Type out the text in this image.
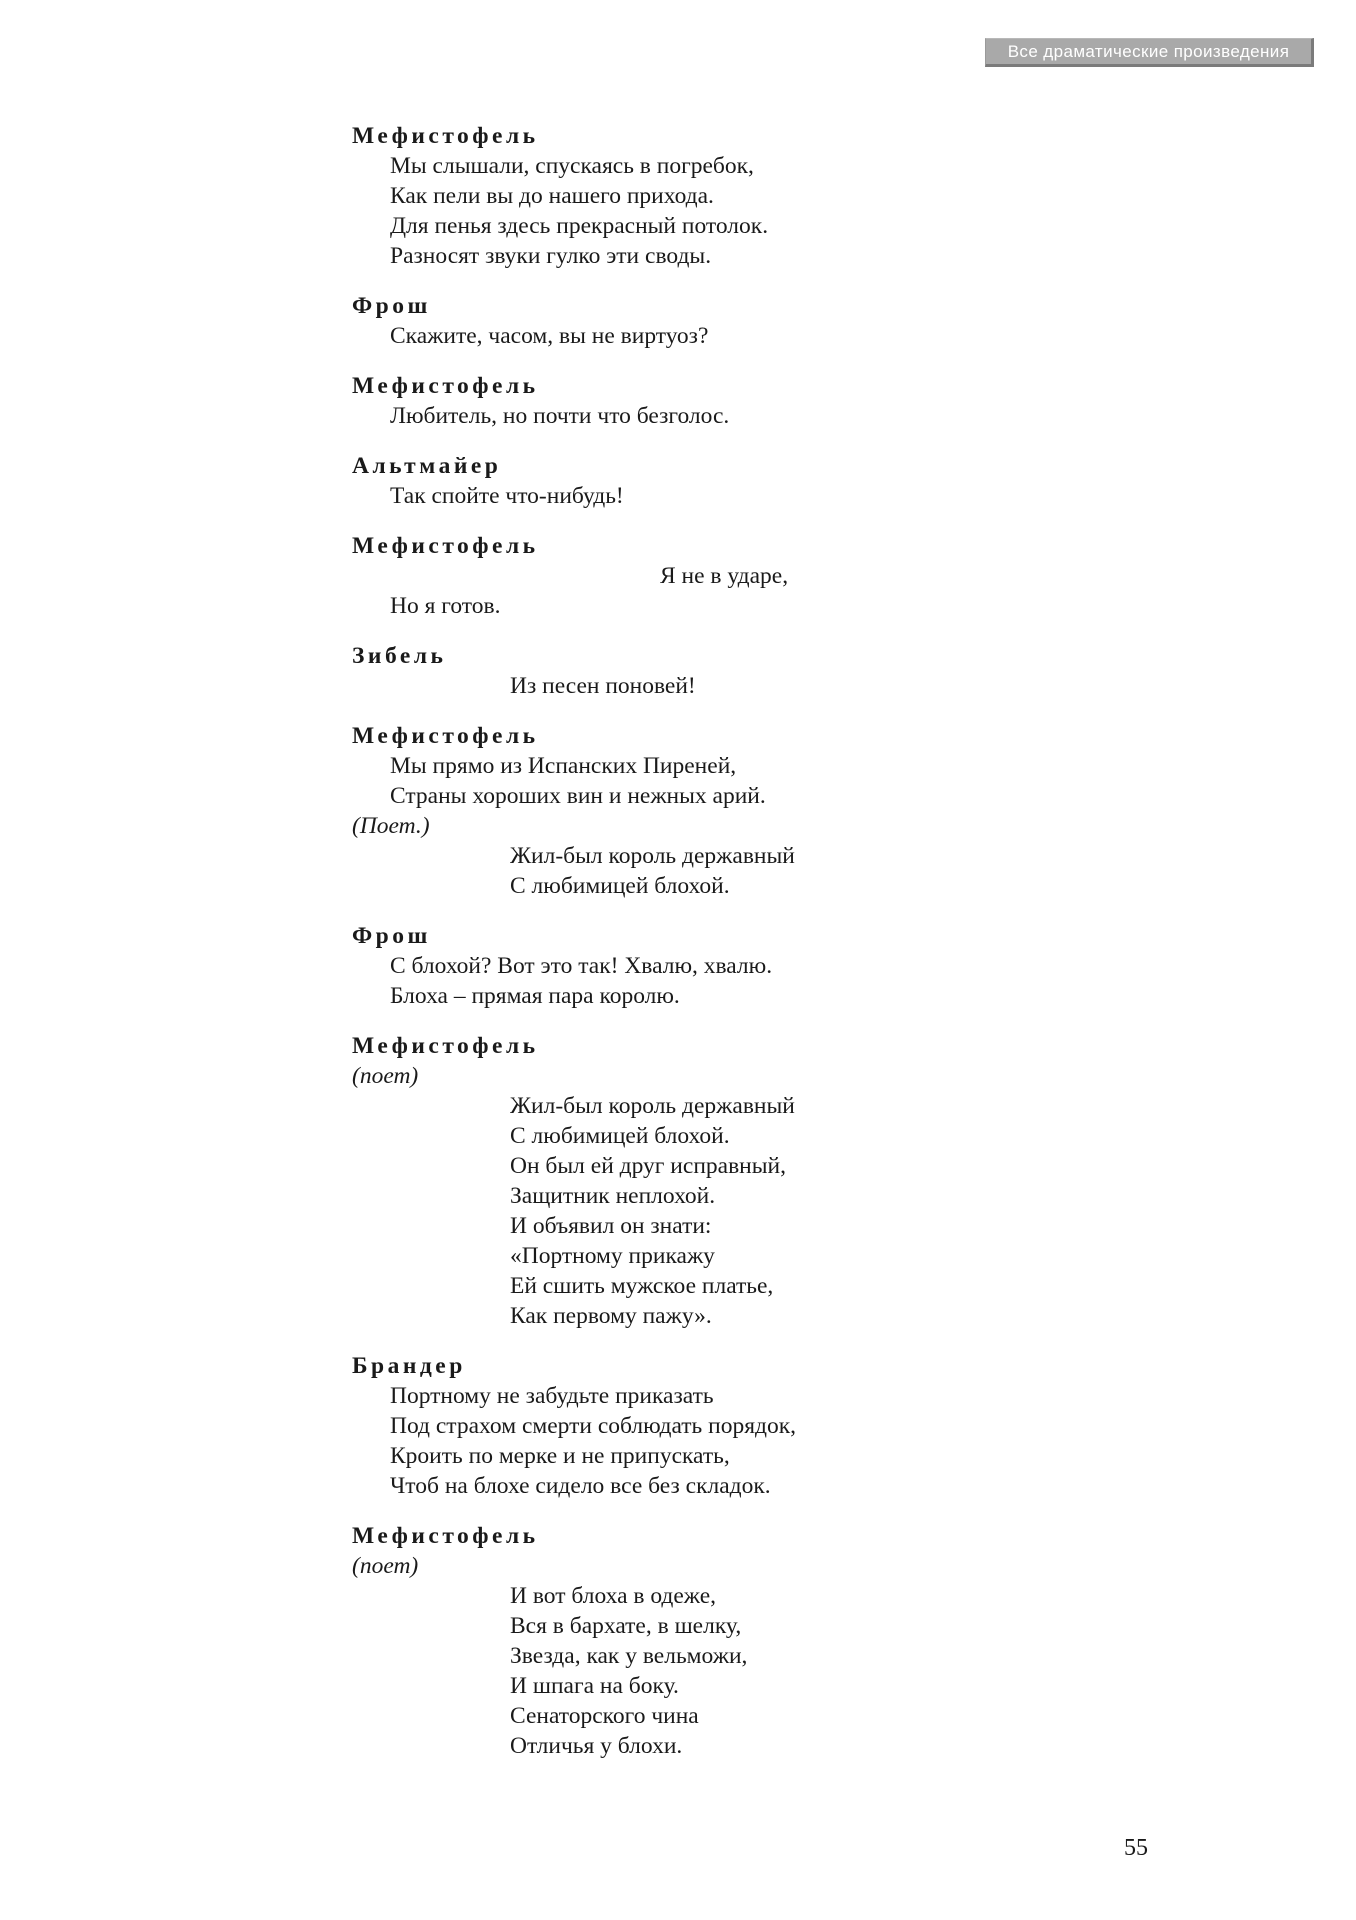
Все драматические произведения
Мефистофель
Мы слышали, спускаясь в погребок,
Как пели вы до нашего прихода.
Для пенья здесь прекрасный потолок.
Разносят звуки гулко эти своды.
Фрош
Скажите, часом, вы не виртуоз?
Мефистофель
Любитель, но почти что безголос.
Альтмайер
Так спойте что-нибудь!
Мефистофель
Я не в ударе,
Но я готов.
Зибель
Из песен поновей!
Мефистофель
Мы прямо из Испанских Пиреней,
Страны хороших вин и нежных арий.
(Поет.)
Жил-был король державный
С любимицей блохой.
Фрош
С блохой? Вот это так! Хвалю, хвалю.
Блоха – прямая пара королю.
Мефистофель
(поет)
Жил-был король державный
С любимицей блохой.
Он был ей друг исправный,
Защитник неплохой.
И объявил он знати:
«Портному прикажу
Ей сшить мужское платье,
Как первому пажу».
Брандер
Портному не забудьте приказать
Под страхом смерти соблюдать порядок,
Кроить по мерке и не припускать,
Чтоб на блохе сидело все без складок.
Мефистофель
(поет)
И вот блоха в одеже,
Вся в бархате, в шелку,
Звезда, как у вельможи,
И шпага на боку.
Сенаторского чина
Отличья у блохи.
55
